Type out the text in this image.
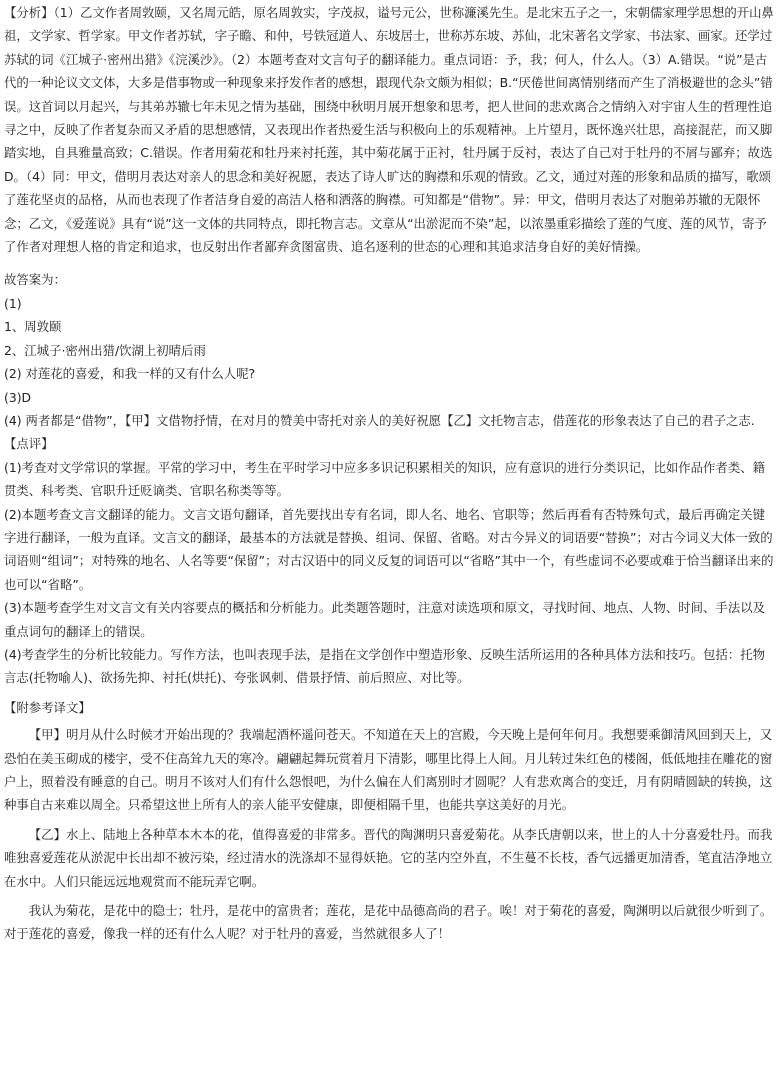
【分析】（1）乙文作者周敦颐，又名周元皓，原名周敦实，字茂叔，谥号元公，世称濂溪先生。是北宋五子之一，宋朝儒家理学思想的开山鼻祖，文学家、哲学家。甲文作者苏轼，字子瞻、和仲，号铁冠道人、东坡居士，世称苏东坡、苏仙，北宋著名文学家、书法家、画家。还学过苏轼的词《江城子·密州出猎》《浣溪沙》。（2）本题考查对文言句子的翻译能力。重点词语：予，我；何人，什么人。（3）A.错误。“说”是古代的一种论议文文体，大多是借事物或一种现象来抒发作者的感想，跟现代杂文颇为相似；B.“厌倦世间离情别绪而产生了消极避世的念头”错误。这首词以月起兴，与其弟苏辙七年未见之情为基础，围绕中秋明月展开想象和思考，把人世间的悲欢离合之情纳入对宇宙人生的哲理性追寻之中，反映了作者复杂而又矛盾的思想感情，又表现出作者热爱生活与积极向上的乐观精神。上片望月，既怀逸兴壮思，高接混茫，而又脚踏实地，自具雅量高致；C.错误。作者用菊花和牡丹来衬托莲，其中菊花属于正衬，牡丹属于反衬，表达了自己对于牡丹的不屑与鄙弃；故选D。（4）同：甲文，借明月表达对亲人的思念和美好祝愿，表达了诗人旷达的胸襟和乐观的情致。乙文，通过对莲的形象和品质的描写，歌颂了莲花坚贞的品格，从而也表现了作者洁身自爱的高洁人格和洒落的胸襟。可知都是“借物”。异：甲文，借明月表达了对胞弟苏辙的无限怀念；乙文，《爱莲说》具有“说”这一文体的共同特点，即托物言志。文章从“出淤泥而不染”起，以浓墨重彩描绘了莲的气度、莲的风节，寄予了作者对理想人格的肯定和追求，也反射出作者鄙弃贪图富贵、追名逐利的世态的心理和其追求洁身自好的美好情操。

故答案为：

(1)

1、周敦颐

2、江城子·密州出猎/饮湖上初晴后雨

(2) 对莲花的喜爱，和我一样的又有什么人呢?

(3)D

(4) 两者都是“借物”，【甲】文借物抒情，在对月的赞美中寄托对亲人的美好祝愿【乙】文托物言志，借莲花的形象表达了自己的君子之志.

【点评】

(1)考查对文学常识的掌握。平常的学习中，考生在平时学习中应多多识记积累相关的知识，应有意识的进行分类识记，比如作品作者类、籍贯类、科考类、官职升迁贬谪类、官职名称类等等。

(2)本题考查文言文翻译的能力。文言文语句翻译，首先要找出专有名词，即人名、地名、官职等；然后再看有否特殊句式，最后再确定关键字进行翻译，一般为直译。文言文的翻译，最基本的方法就是替换、组词、保留、省略。对古今异义的词语要“替换”；对古今词义大体一致的词语则“组词”；对特殊的地名、人名等要“保留”；对古汉语中的同义反复的词语可以“省略”其中一个，有些虚词不必要或难于恰当翻译出来的也可以“省略”。

(3)本题考查学生对文言文有关内容要点的概括和分析能力。此类题答题时，注意对读选项和原文，寻找时间、地点、人物、时间、手法以及重点词句的翻译上的错误。

(4)考查学生的分析比较能力。写作方法，也叫表现手法，是指在文学创作中塑造形象、反映生活所运用的各种具体方法和技巧。包括：托物言志(托物喻人)、欲扬先抑、衬托(烘托)、夸张讽刺、借景抒情、前后照应、对比等。

【附参考译文】

【甲】明月从什么时候才开始出现的？我端起酒杯遥问苍天。不知道在天上的宫殿，今天晚上是何年何月。我想要乘御清风回到天上，又恐怕在美玉砌成的楼宇，受不住高耸九天的寒冷。翩翩起舞玩赏着月下清影，哪里比得上人间。月儿转过朱红色的楼阁，低低地挂在雕花的窗户上，照着没有睡意的自己。明月不该对人们有什么怨恨吧，为什么偏在人们离别时才圆呢？人有悲欢离合的变迁，月有阴晴圆缺的转换，这种事自古来难以周全。只希望这世上所有人的亲人能平安健康，即便相隔千里，也能共享这美好的月光。

【乙】水上、陆地上各种草本木本的花，值得喜爱的非常多。晋代的陶渊明只喜爱菊花。从李氏唐朝以来，世上的人十分喜爱牡丹。而我唯独喜爱莲花从淤泥中长出却不被污染，经过清水的洗涤却不显得妖艳。它的茎内空外直，不生蔓不长枝，香气远播更加清香，笔直洁净地立在水中。人们只能远远地观赏而不能玩弄它啊。

我认为菊花，是花中的隐士；牡丹，是花中的富贵者；莲花，是花中品德高尚的君子。唉！对于菊花的喜爱，陶渊明以后就很少听到了。对于莲花的喜爱，像我一样的还有什么人呢？对于牡丹的喜爱，当然就很多人了！
